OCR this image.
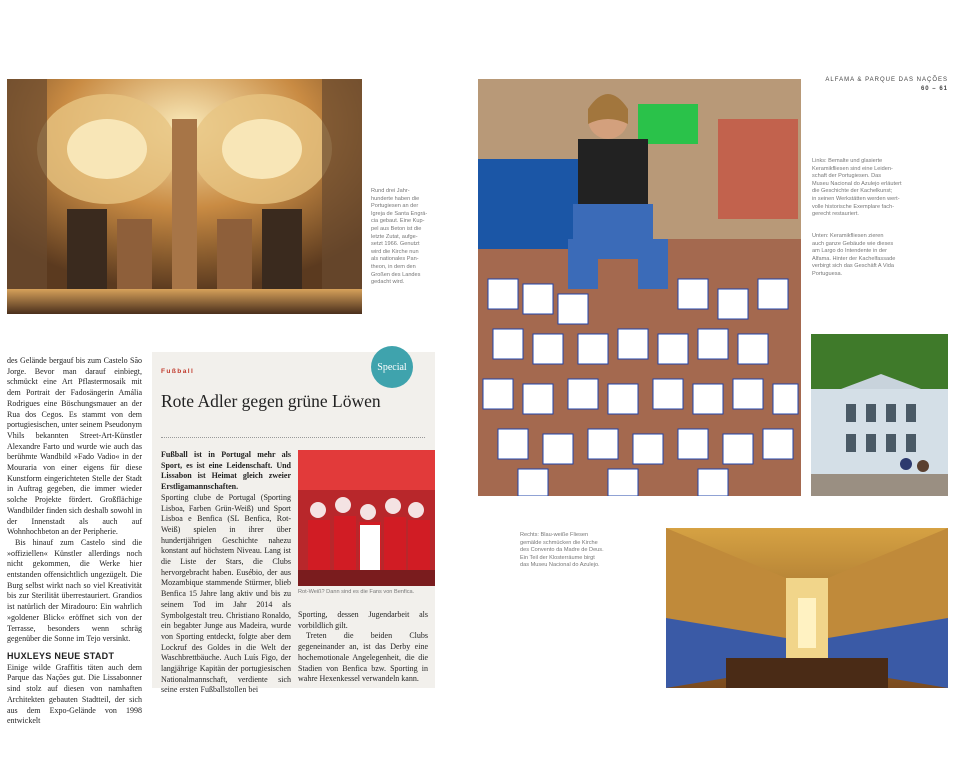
ALFAMA & PARQUE DAS NAÇÕES
60 – 61
Rund drei Jahr-
hunderte haben die
Portugiesen an der
Igreja de Santa Engrá-
cia gebaut. Eine Kup-
pel aus Beton ist die
letzte Zutat, aufge-
setzt 1966. Genutzt
wird die Kirche nun
als nationales Pan-
theon, in dem den
Großen des Landes
gedacht wird.
Links: Bemalte und glasierte
Keramikfliesen sind eine Leiden-
schaft der Portugiesen. Das
Museu Nacional do Azulejo erläutert
die Geschichte der Kachelkunst;
in seinen Werkstätten werden wert-
volle historische Exemplare fach-
gerecht restauriert.
Unten: Keramikfliesen zieren
auch ganze Gebäude wie dieses
am Largo do Intendente in der
Alfama. Hinter der Kachelfassade
verbirgt sich das Geschäft A Vida
Portuguesa.
Rechts: Blau-weiße Fliesen
gemälde schmücken die Kirche
des Convento da Madre de Deus.
Ein Teil der Klosterräume birgt
das Museu Nacional do Azulejo.

des Gelände bergauf bis zum Castelo São Jorge. Bevor man darauf einbiegt, schmückt eine Art Pflastermosaik mit dem Portrait der Fadosängerin Amália Rodrigues eine Böschungsmauer an der Rua dos Cegos. Es stammt von dem portugiesischen, unter seinem Pseudonym Vhils bekannten Street-Art-Künstler Alexandre Farto und wurde wie auch das berühmte Wandbild »Fado Vadio« in der Mouraria von einer eigens für diese Kunstform eingerichteten Stelle der Stadt in Auftrag gegeben, die immer wieder solche Projekte fördert. Großflächige Wandbilder finden sich deshalb sowohl in der Innenstadt als auch auf Wohnhochbeton an der Peripherie.

Bis hinauf zum Castelo sind die »offiziellen« Künstler allerdings noch nicht gekommen, die Werke hier entstanden offensichtlich ungezügelt. Die Burg selbst wirkt nach so viel Kreativität bis zur Sterilität überrestauriert. Grandios ist natürlich der Miradouro: Ein wahrlich »goldener Blick« eröffnet sich von der Terrasse, besonders wenn schräg gegenüber die Sonne im Tejo versinkt.

HUXLEYS NEUE STADT

Einige wilde Graffitis täten auch dem Parque das Nações gut. Die Lissabonner sind stolz auf diesen von namhaften Architekten gebauten Stadtteil, der sich aus dem Expo-Gelände von 1998 entwickelt

Special
Fußball
Rote Adler gegen grüne Löwen

Fußball ist in Portugal mehr als Sport, es ist eine Leidenschaft. Und Lissabon ist Heimat gleich zweier Erstligamannschaften.

Sporting clube de Portugal (Sporting Lisboa, Farben Grün-Weiß) und Sport Lisboa e Benfica (SL Benfica, Rot-Weiß) spielen in ihrer über hundertjährigen Geschichte nahezu konstant auf höchstem Niveau. Lang ist die Liste der Stars, die Clubs hervorgebracht haben. Eusébio, der aus Mozambique stammende Stürmer, blieb Benfica 15 Jahre lang aktiv und bis zu seinem Tod im Jahr 2014 als Symbolgestalt treu. Christiano Ronaldo, ein begabter Junge aus Madeira, wurde von Sporting entdeckt, folgte aber dem Lockruf des Goldes in die Welt der Waschbrettbäuche. Auch Luís Figo, der langjährige Kapitän der portugiesischen Nationalmannschaft, verdiente sich seine ersten Fußballstollen bei

Rot-Weiß? Dann sind es die Fans von Benfica.

Sporting, dessen Jugendarbeit als vorbildlich gilt.

Treten die beiden Clubs gegeneinander an, ist das Derby eine hochemotionale Angelegenheit, die die Stadien von Benfica bzw. Sporting in wahre Hexenkessel verwandeln kann.
